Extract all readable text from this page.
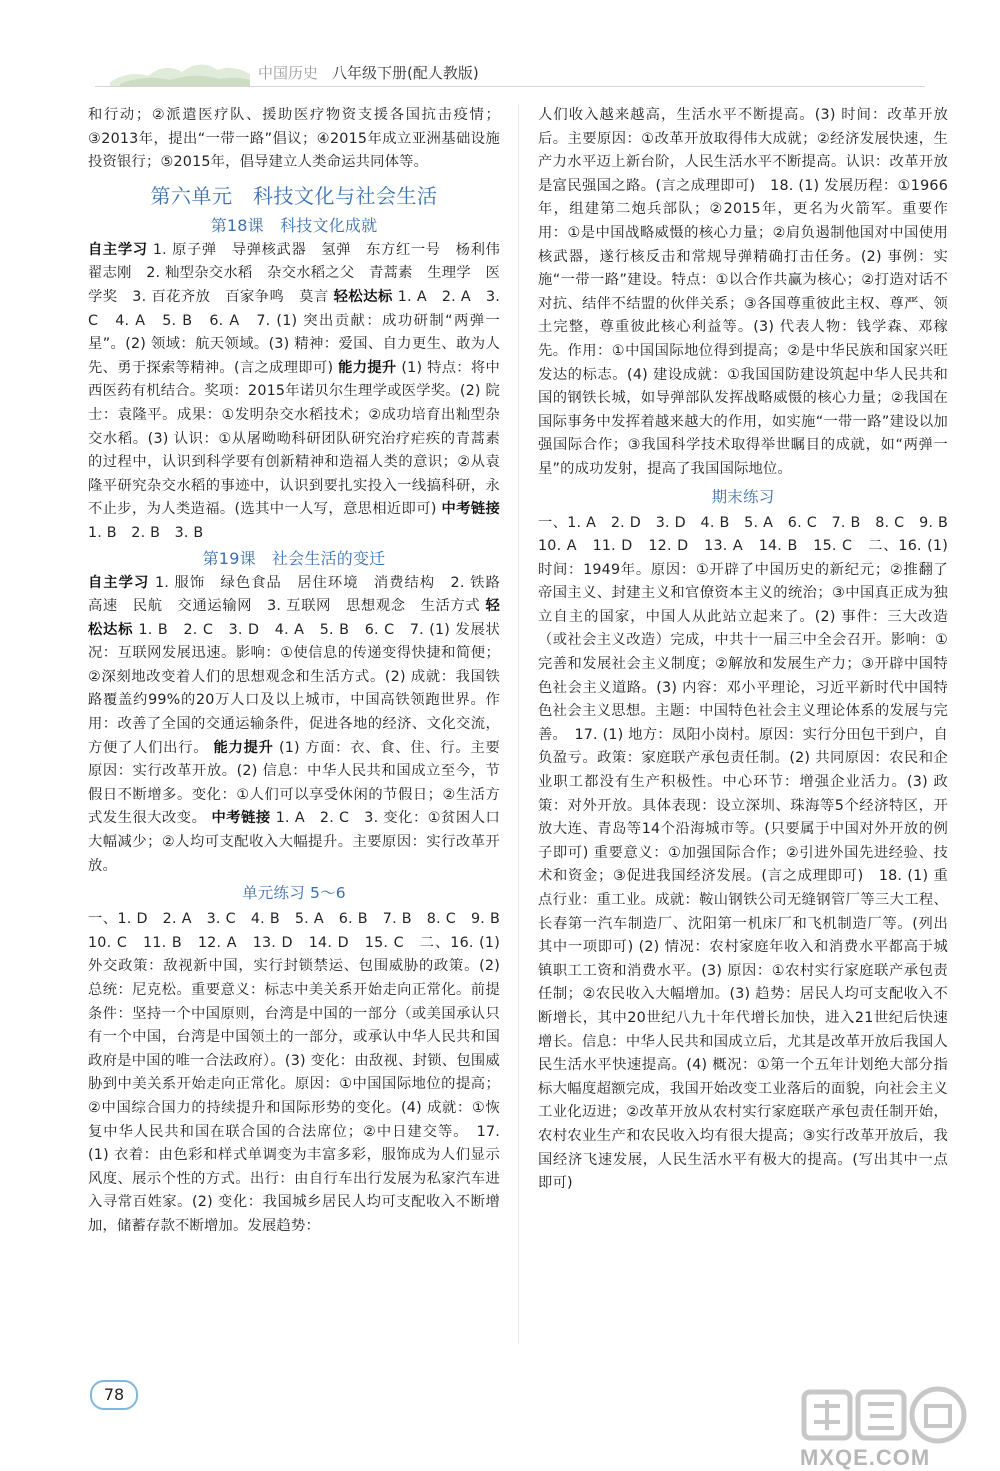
中国历史 八年级下册(配人教版)

和行动；②派遣医疗队、援助医疗物资支援各国抗击疫情；③2013年，提出“一带一路”倡议；④2015年成立亚洲基础设施投资银行；⑤2015年，倡导建立人类命运共同体等。

第六单元　科技文化与社会生活
第18课　科技文化成就

自主学习 1. 原子弹　导弹核武器　氢弹　东方红一号　杨利伟　翟志刚　2. 籼型杂交水稻　杂交水稻之父　青蒿素　生理学　医学奖　3. 百花齐放　百家争鸣　莫言 轻松达标 1. A　2. A　3. C　4. A　5. B　6. A　7. (1) 突出贡献：成功研制“两弹一星”。(2) 领域：航天领域。(3) 精神：爱国、自力更生、敢为人先、勇于探索等精神。(言之成理即可) 能力提升 (1) 特点：将中西医药有机结合。奖项：2015年诺贝尔生理学或医学奖。(2) 院士：袁隆平。成果：①发明杂交水稻技术；②成功培育出籼型杂交水稻。(3) 认识：①从屠呦呦科研团队研究治疗疟疾的青蒿素的过程中，认识到科学要有创新精神和造福人类的意识；②从袁隆平研究杂交水稻的事迹中，认识到要扎实投入一线搞科研，永不止步，为人类造福。(选其中一人写，意思相近即可) 中考链接 1. B　2. B　3. B

第19课　社会生活的变迁

自主学习 1. 服饰　绿色食品　居住环境　消费结构　2. 铁路　高速　民航　交通运输网　3. 互联网　思想观念　生活方式 轻松达标 1. B　2. C　3. D　4. A　5. B　6. C　7. (1) 发展状况：互联网发展迅速。影响：①使信息的传递变得快捷和简便；②深刻地改变着人们的思想观念和生活方式。(2) 成就：我国铁路覆盖约99%的20万人口及以上城市，中国高铁领跑世界。作用：改善了全国的交通运输条件，促进各地的经济、文化交流，方便了人们出行。 能力提升 (1) 方面：衣、食、住、行。主要原因：实行改革开放。(2) 信息：中华人民共和国成立至今，节假日不断增多。变化：①人们可以享受休闲的节假日；②生活方式发生很大改变。 中考链接 1. A　2. C　3. 变化：①贫困人口大幅减少；②人均可支配收入大幅提升。主要原因：实行改革开放。

单元练习 5～6

一、1. D　2. A　3. C　4. B　5. A　6. B　7. B　8. C　9. B　10. C　11. B　12. A　13. D　14. D　15. C　二、16. (1) 外交政策：敌视新中国，实行封锁禁运、包围威胁的政策。(2) 总统：尼克松。重要意义：标志中美关系开始走向正常化。前提条件：坚持一个中国原则，台湾是中国的一部分（或美国承认只有一个中国，台湾是中国领土的一部分，或承认中华人民共和国政府是中国的唯一合法政府）。(3) 变化：由敌视、封锁、包围威胁到中美关系开始走向正常化。原因：①中国国际地位的提高；②中国综合国力的持续提升和国际形势的变化。(4) 成就：①恢复中华人民共和国在联合国的合法席位；②中日建交等。　17. (1) 衣着：由色彩和样式单调变为丰富多彩，服饰成为人们显示风度、展示个性的方式。出行：由自行车出行发展为私家汽车进入寻常百姓家。(2) 变化：我国城乡居民人均可支配收入不断增加，储蓄存款不断增加。发展趋势：

人们收入越来越高，生活水平不断提高。(3) 时间：改革开放后。主要原因：①改革开放取得伟大成就；②经济发展快速，生产力水平迈上新台阶，人民生活水平不断提高。认识：改革开放是富民强国之路。(言之成理即可)　18. (1) 发展历程：①1966年，组建第二炮兵部队；②2015年，更名为火箭军。重要作用：①是中国战略威慑的核心力量；②肩负遏制他国对中国使用核武器，遂行核反击和常规导弹精确打击任务。(2) 事例：实施“一带一路”建设。特点：①以合作共赢为核心；②打造对话不对抗、结伴不结盟的伙伴关系；③各国尊重彼此主权、尊严、领土完整，尊重彼此核心利益等。(3) 代表人物：钱学森、邓稼先。作用：①中国国际地位得到提高；②是中华民族和国家兴旺发达的标志。(4) 建设成就：①我国国防建设筑起中华人民共和国的钢铁长城，如导弹部队发挥战略威慑的核心力量；②我国在国际事务中发挥着越来越大的作用，如实施“一带一路”建设以加强国际合作；③我国科学技术取得举世瞩目的成就，如“两弹一星”的成功发射，提高了我国国际地位。

期末练习

一、1. A　2. D　3. D　4. B　5. A　6. C　7. B　8. C　9. B　10. A　11. D　12. D　13. A　14. B　15. C　二、16. (1) 时间：1949年。原因：①开辟了中国历史的新纪元；②推翻了帝国主义、封建主义和官僚资本主义的统治；③中国真正成为独立自主的国家，中国人从此站立起来了。(2) 事件：三大改造（或社会主义改造）完成，中共十一届三中全会召开。影响：①完善和发展社会主义制度；②解放和发展生产力；③开辟中国特色社会主义道路。(3) 内容：邓小平理论，习近平新时代中国特色社会主义思想。主题：中国特色社会主义理论体系的发展与完善。　17. (1) 地方：凤阳小岗村。原因：实行分田包干到户，自负盈亏。政策：家庭联产承包责任制。(2) 共同原因：农民和企业职工都没有生产积极性。中心环节：增强企业活力。(3) 政策：对外开放。具体表现：设立深圳、珠海等5个经济特区，开放大连、青岛等14个沿海城市等。(只要属于中国对外开放的例子即可) 重要意义：①加强国际合作；②引进外国先进经验、技术和资金；③促进我国经济发展。(言之成理即可)　18. (1) 重点行业：重工业。成就：鞍山钢铁公司无缝钢管厂等三大工程、长春第一汽车制造厂、沈阳第一机床厂和飞机制造厂等。(列出其中一项即可) (2) 情况：农村家庭年收入和消费水平都高于城镇职工工资和消费水平。(3) 原因：①农村实行家庭联产承包责任制；②农民收入大幅增加。(3) 趋势：居民人均可支配收入不断增长，其中20世纪八九十年代增长加快，进入21世纪后快速增长。信息：中华人民共和国成立后，尤其是改革开放后我国人民生活水平快速提高。(4) 概况：①第一个五年计划绝大部分指标大幅度超额完成，我国开始改变工业落后的面貌，向社会主义工业化迈进；②改革开放从农村实行家庭联产承包责任制开始，农村农业生产和农民收入均有很大提高；③实行改革开放后，我国经济飞速发展，人民生活水平有极大的提高。(写出其中一点即可)

78
MXQE.COM
